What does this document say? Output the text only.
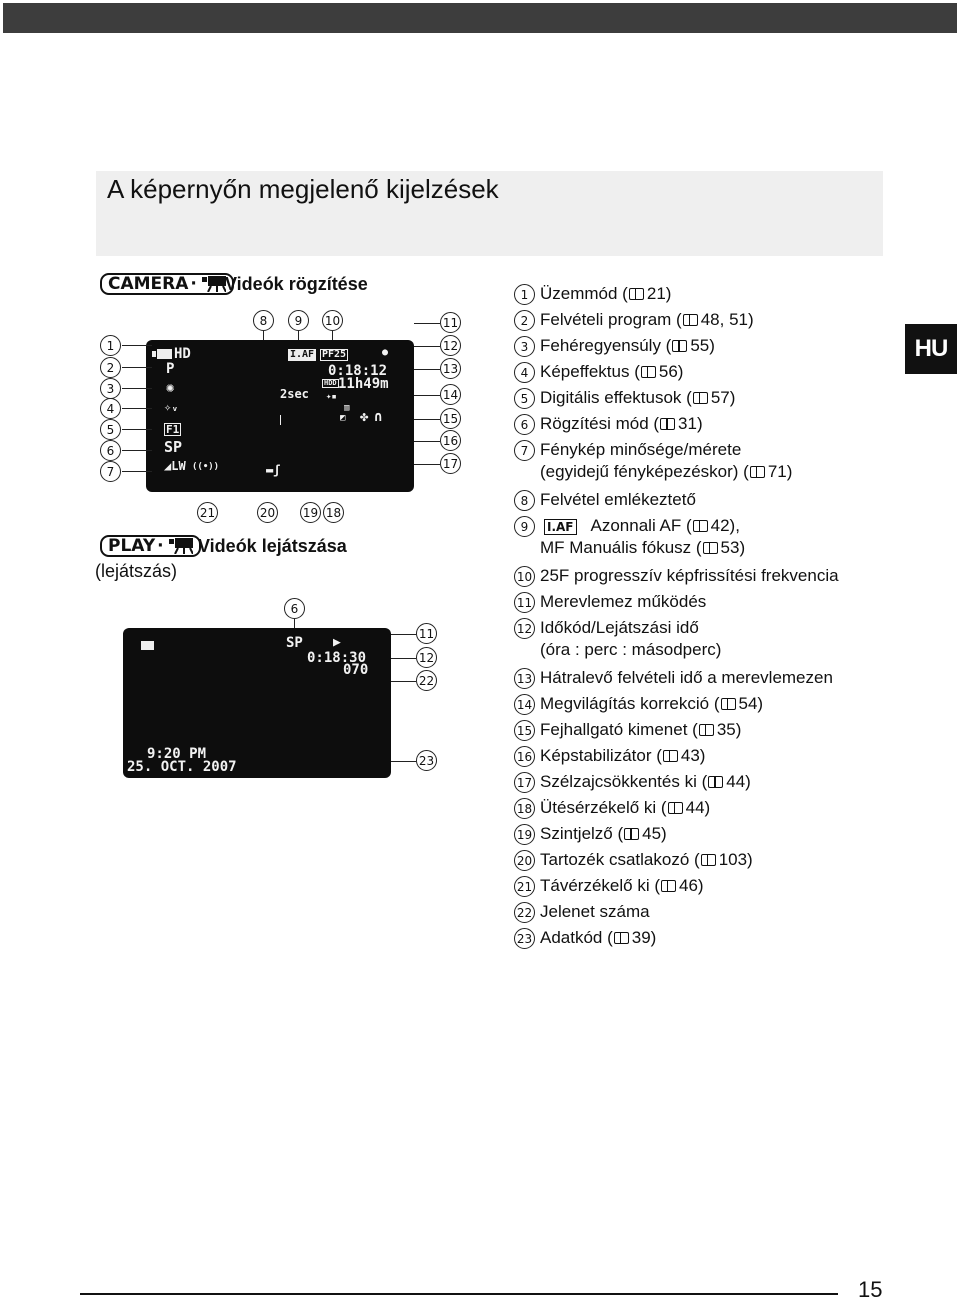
A képernyőn megjelenő kijelzések
HU
CAMERA · Videók rögzítése
HD
P
✺
✧ᵥ
F1
SP
◢LW ((•))	▬ʃ
2sec
I.AF PF25	●
0:18:12
HDD 11h49m
✦▪
▥
◩ ✤ ∩
1
2
3
4
5
6
7
8	9	10	11
12
13
14
15
16
17
21	20 19 18
PLAY · Videók lejátszása
(lejátszás)
SP ▶
0:18:30
070
9:20 PM
25. OCT. 2007
6
11
12
22
23
1 Üzemmód ( 21)
2 Felvételi program ( 48, 51)
3 Fehéregyensúly ( 55)
4 Képeffektus ( 56)
5 Digitális effektusok ( 57)
6 Rögzítési mód ( 31)
7 Fénykép minősége/mérete
(egyidejű fényképezéskor) ( 71)
8 Felvétel emlékeztető
9	I.AF Azonnali AF ( 42),
MF Manuális fókusz ( 53)
10 25F progresszív képfrissítési frekvencia
11 Merevlemez működés
12 Időkód/Lejátszási idő
(óra : perc : másodperc)
13 Hátralevő felvételi idő a merevlemezen
14 Megvilágítás korrekció ( 54)
15 Fejhallgató kimenet ( 35)
16 Képstabilizátor ( 43)
17 Szélzajcsökkentés ki ( 44)
18 Ütésérzékelő ki ( 44)
19 Szintjelző ( 45)
20 Tartozék csatlakozó ( 103)
21 Távérzékelő ki ( 46)
22 Jelenet száma
23 Adatkód ( 39)
15
